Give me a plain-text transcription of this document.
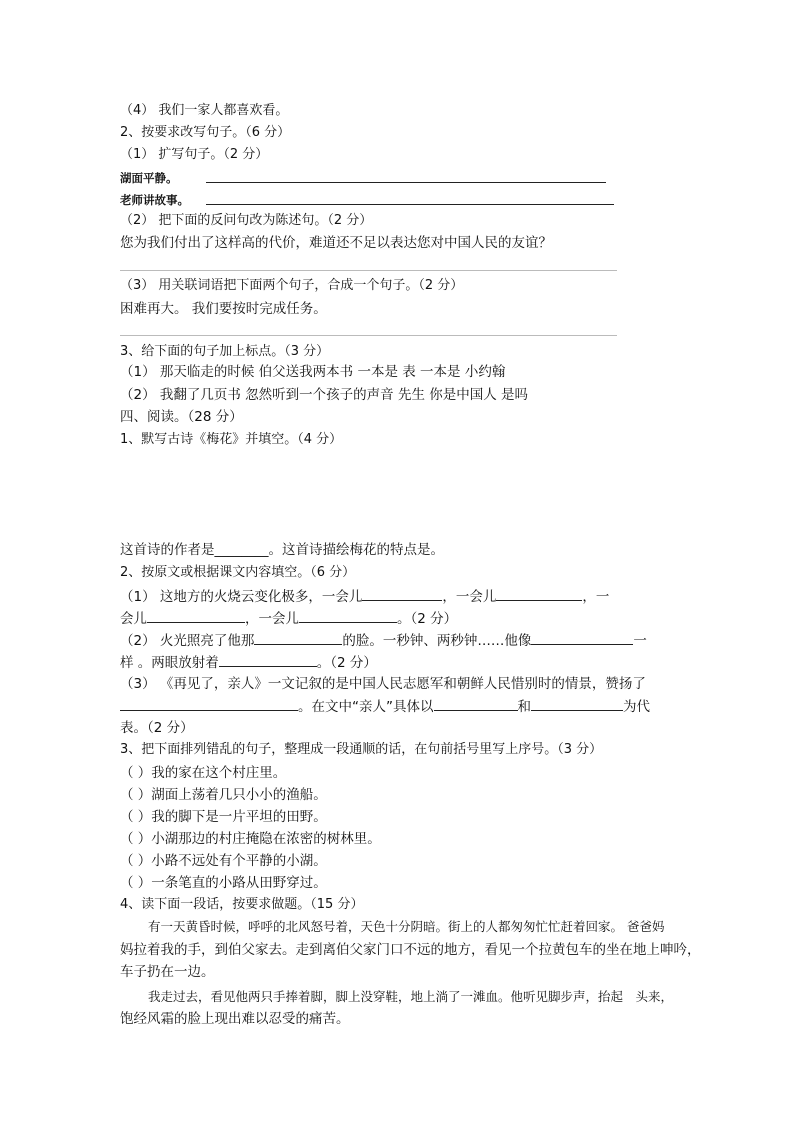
（4） 我们一家人都喜欢看。
2、按要求改写句子。（6 分）
（1） 扩写句子。（2 分）
湖面平静。
老师讲故事。
（2） 把下面的反问句改为陈述句。（2 分）
您为我们付出了这样高的代价，难道还不足以表达您对中国人民的友谊？
（3） 用关联词语把下面两个句子，合成一个句子。（2 分）
困难再大。 我们要按时完成任务。
3、给下面的句子加上标点。（3 分）
（1） 那天临走的时候 伯父送我两本书 一本是 表 一本是 小约翰
（2） 我翻了几页书 忽然听到一个孩子的声音 先生 你是中国人 是吗
四、阅读。（28 分）
1、默写古诗《梅花》并填空。（4 分）
这首诗的作者是________。这首诗描绘梅花的特点是。
2、按原文或根据课文内容填空。（6 分）
（1） 这地方的火烧云变化极多，一会儿	，一会儿	，一
会儿	，一会儿	。（2 分）
（2） 火光照亮了他那	的脸。一秒钟、两秒钟……他像	一
样 。两眼放射着	。（2 分）
（3） 《再见了，亲人》一文记叙的是中国人民志愿军和朝鲜人民惜别时的情景，赞扬了
。在文中“亲人”具体以	和	为代
表。（2 分）
3、把下面排列错乱的句子，整理成一段通顺的话，在句前括号里写上序号。（3 分）
（ ）我的家在这个村庄里。
（ ）湖面上荡着几只小小的渔船。
（ ）我的脚下是一片平坦的田野。
（ ）小湖那边的村庄掩隐在浓密的树林里。
（ ）小路不远处有个平静的小湖。
（ ）一条笔直的小路从田野穿过。
4、读下面一段话，按要求做题。（15 分）
有一天黄昏时候，呼呼的北风怒号着，天色十分阴暗。街上的人都匆匆忙忙赶着回家。 爸爸妈
妈拉着我的手，到伯父家去。走到离伯父家门口不远的地方，看见一个拉黄包车的坐在地上呻吟，
车子扔在一边。
我走过去，看见他两只手捧着脚，脚上没穿鞋，地上淌了一滩血。他听见脚步声，抬起　头来，
饱经风霜的脸上现出难以忍受的痛苦。
